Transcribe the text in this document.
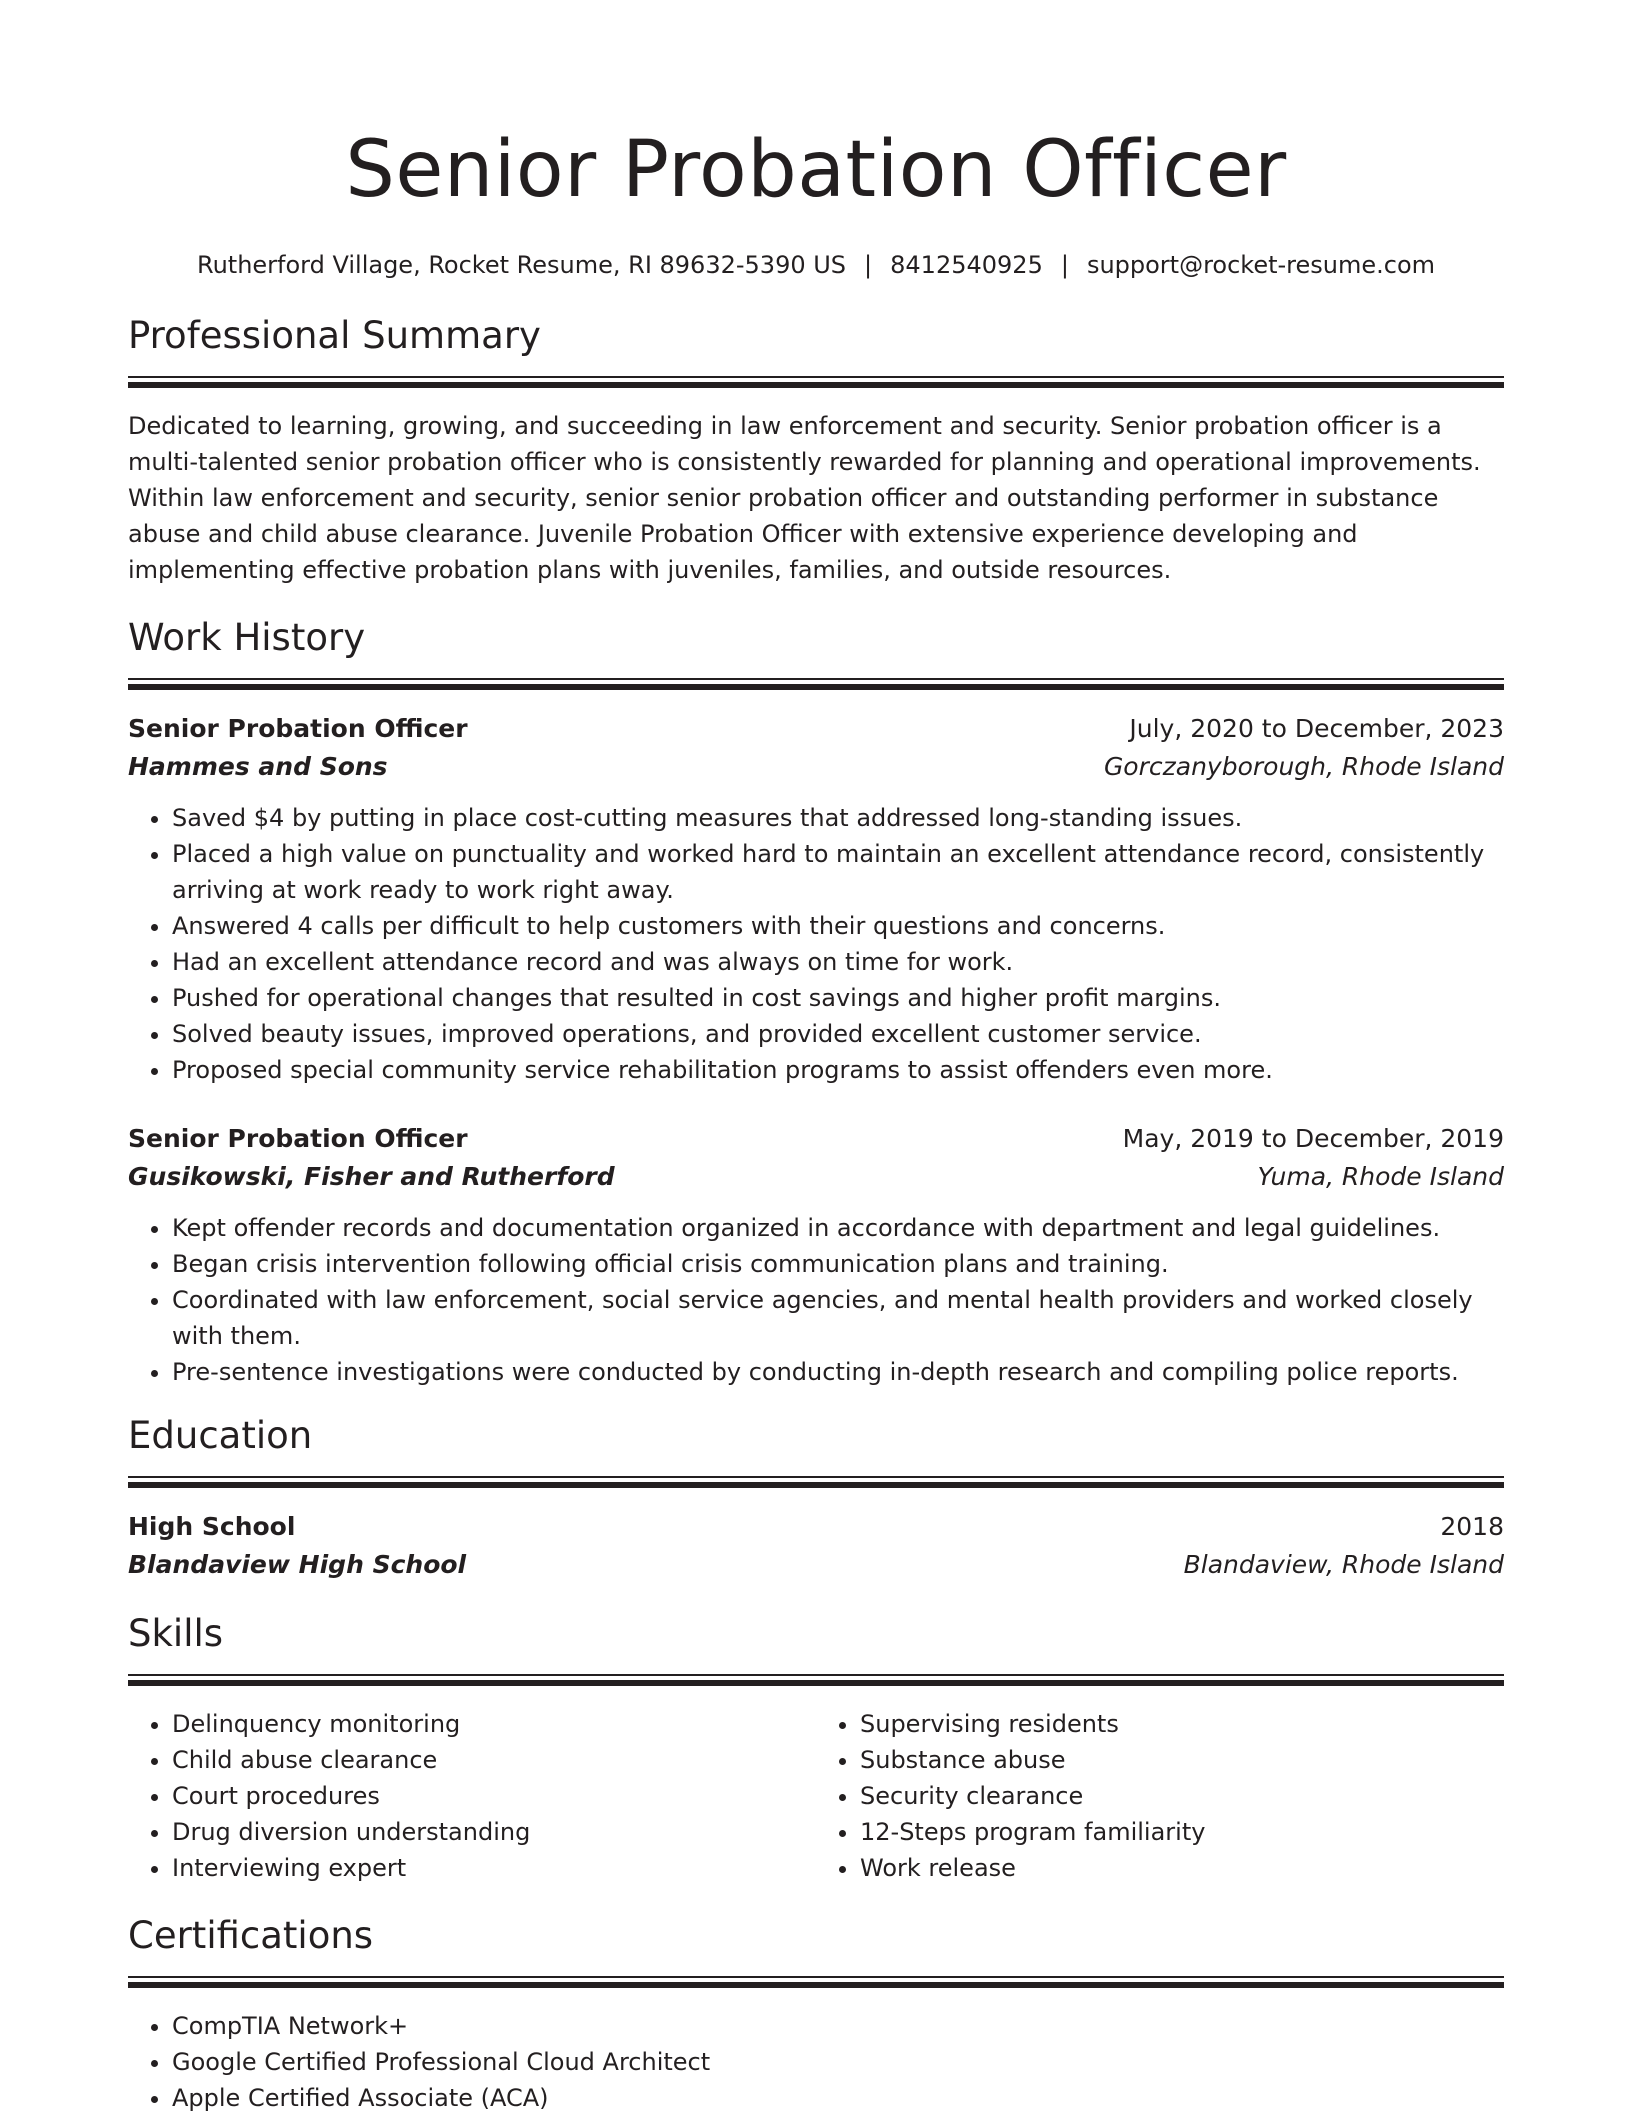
Senior Probation Officer
Rutherford Village, Rocket Resume, RI 89632-5390 US | 8412540925 | support@rocket-resume.com
Professional Summary

Dedicated to learning, growing, and succeeding in law enforcement and security. Senior probation officer is a multi-talented senior probation officer who is consistently rewarded for planning and operational improvements. Within law enforcement and security, senior senior probation officer and outstanding performer in substance abuse and child abuse clearance. Juvenile Probation Officer with extensive experience developing and implementing effective probation plans with juveniles, families, and outside resources.

Work History
Senior Probation Officer	July, 2020 to December, 2023
Hammes and Sons	Gorczanyborough, Rhode Island
• Saved $4 by putting in place cost-cutting measures that addressed long-standing issues.
• Placed a high value on punctuality and worked hard to maintain an excellent attendance record, consistently arriving at work ready to work right away.
• Answered 4 calls per difficult to help customers with their questions and concerns.
• Had an excellent attendance record and was always on time for work.
• Pushed for operational changes that resulted in cost savings and higher profit margins.
• Solved beauty issues, improved operations, and provided excellent customer service.
• Proposed special community service rehabilitation programs to assist offenders even more.
Senior Probation Officer	May, 2019 to December, 2019
Gusikowski, Fisher and Rutherford	Yuma, Rhode Island
• Kept offender records and documentation organized in accordance with department and legal guidelines.
• Began crisis intervention following official crisis communication plans and training.
• Coordinated with law enforcement, social service agencies, and mental health providers and worked closely with them.
• Pre-sentence investigations were conducted by conducting in-depth research and compiling police reports.
Education
High School	2018
Blandaview High School	Blandaview, Rhode Island
Skills
• Delinquency monitoring
• Child abuse clearance
• Court procedures
• Drug diversion understanding
• Interviewing expert
• Supervising residents
• Substance abuse
• Security clearance
• 12-Steps program familiarity
• Work release
Certifications
• CompTIA Network+
• Google Certified Professional Cloud Architect
• Apple Certified Associate (ACA)
